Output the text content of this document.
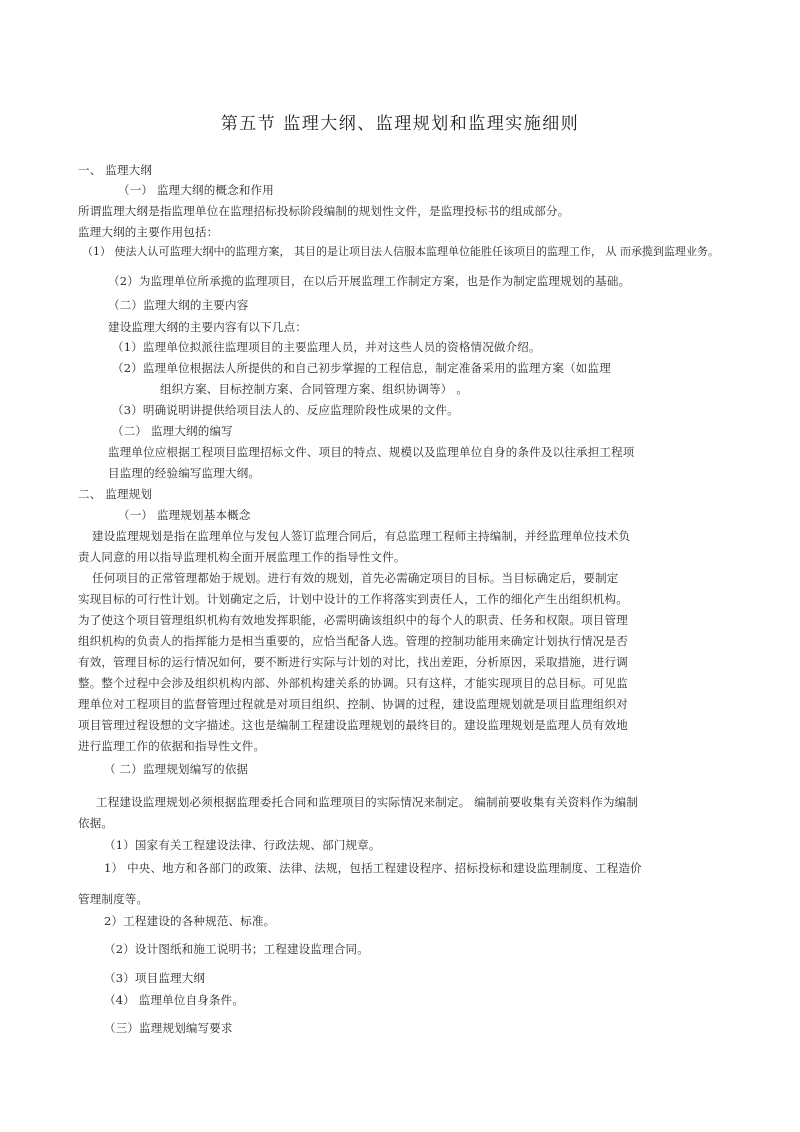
第五节 监理大纲、监理规划和监理实施细则
一、 监理大纲
（一） 监理大纲的概念和作用
所谓监理大纲是指监理单位在监理招标投标阶段编制的规划性文件，是监理投标书的组成部分。
监理大纲的主要作用包括：
（1） 使法人认可监理大纲中的监理方案， 其目的是让项目法人信服本监理单位能胜任该项目的监理工作， 从 而承揽到监理业务。
（2）为监理单位所承揽的监理项目，在以后开展监理工作制定方案，也是作为制定监理规划的基础。
（二）监理大纲的主要内容
建设监理大纲的主要内容有以下几点：
（1）监理单位拟派往监理项目的主要监理人员，并对这些人员的资格情况做介绍。
（2）监理单位根据法人所提供的和自己初步掌握的工程信息，制定准备采用的监理方案（如监理
组织方案、目标控制方案、合同管理方案、组织协调等） 。
（3）明确说明讲提供给项目法人的、反应监理阶段性成果的文件。
（二） 监理大纲的编写
监理单位应根据工程项目监理招标文件、项目的特点、规模以及监理单位自身的条件及以往承担工程项
目监理的经验编写监理大纲。
二、 监理规划
（一） 监理规划基本概念
建设监理规划是指在监理单位与发包人签订监理合同后，有总监理工程师主持编制，并经监理单位技术负
责人同意的用以指导监理机构全面开展监理工作的指导性文件。
任何项目的正常管理都始于规划。进行有效的规划，首先必需确定项目的目标。当目标确定后，要制定
实现目标的可行性计划。计划确定之后，计划中设计的工作将落实到责任人，工作的细化产生出组织机构。
为了使这个项目管理组织机构有效地发挥职能，必需明确该组织中的每个人的职责、任务和权限。项目管理
组织机构的负责人的指挥能力是相当重要的，应恰当配备人选。管理的控制功能用来确定计划执行情况是否
有效，管理目标的运行情况如何，要不断进行实际与计划的对比，找出差距，分析原因，采取措施，进行调
整。整个过程中会涉及组织机构内部、外部机构建关系的协调。只有这样，才能实现项目的总目标。可见监
理单位对工程项目的监督管理过程就是对项目组织、控制、协调的过程，建设监理规划就是项目监理组织对
项目管理过程设想的文字描述。这也是编制工程建设监理规划的最终目的。建设监理规划是监理人员有效地
进行监理工作的依据和指导性文件。
（ 二）监理规划编写的依据
工程建设监理规划必须根据监理委托合同和监理项目的实际情况来制定。 编制前要收集有关资料作为编制
依据。
（1）国家有关工程建设法律、行政法规、部门规章。
1） 中央、地方和各部门的政策、法律、法规，包括工程建设程序、招标投标和建设监理制度、工程造价
管理制度等。
2）工程建设的各种规范、标准。
（2）设计图纸和施工说明书；工程建设监理合同。
（3）项目监理大纲
（4） 监理单位自身条件。
（三）监理规划编写要求
